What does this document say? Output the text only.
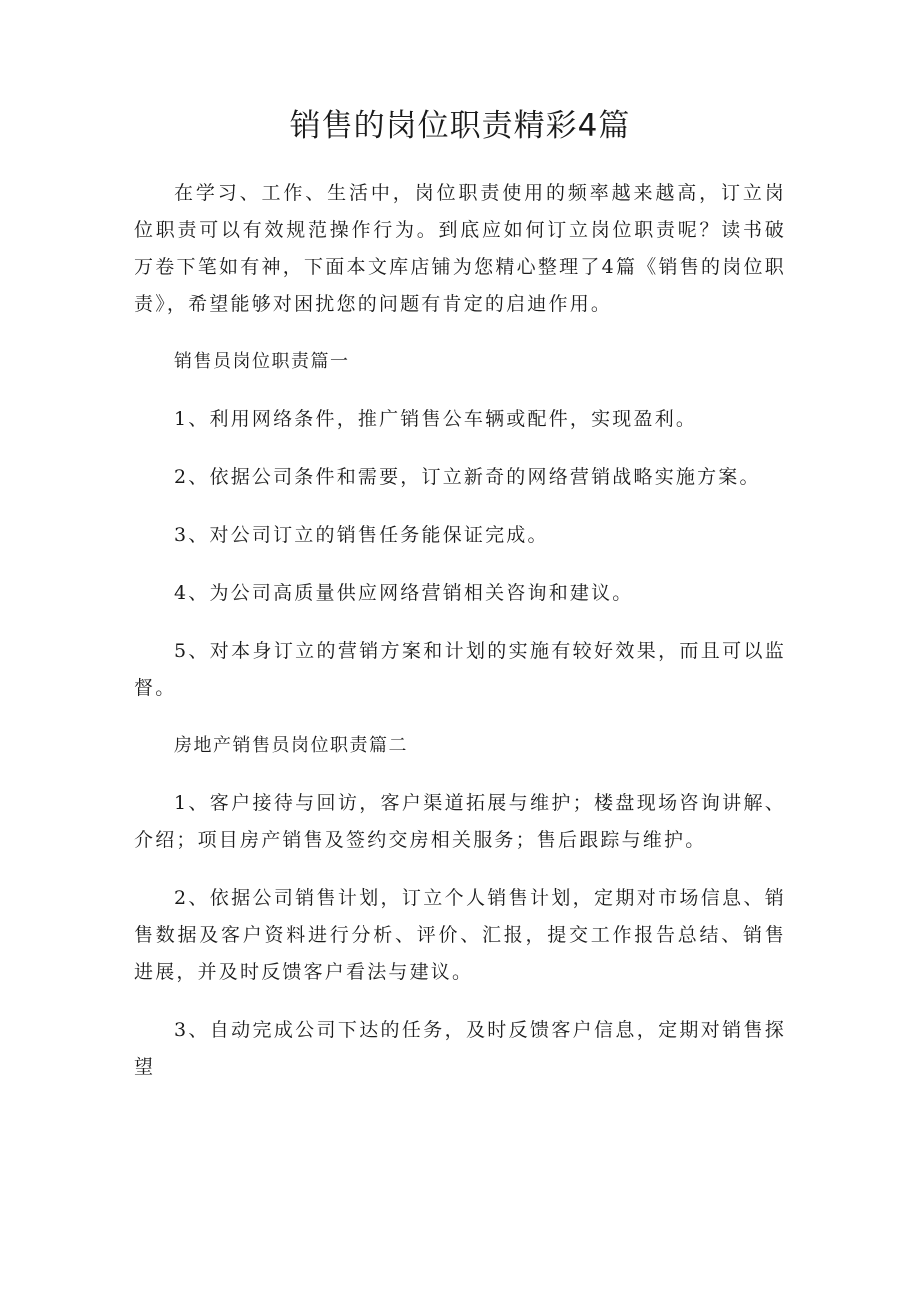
销售的岗位职责精彩4篇

在学习、工作、生活中，岗位职责使用的频率越来越高，订立岗位职责可以有效规范操作行为。到底应如何订立岗位职责呢？读书破万卷下笔如有神，下面本文库店铺为您精心整理了4篇《销售的岗位职责》，希望能够对困扰您的问题有肯定的启迪作用。

销售员岗位职责篇一

1、利用网络条件，推广销售公车辆或配件，实现盈利。

2、依据公司条件和需要，订立新奇的网络营销战略实施方案。

3、对公司订立的销售任务能保证完成。

4、为公司高质量供应网络营销相关咨询和建议。

5、对本身订立的营销方案和计划的实施有较好效果，而且可以监督。

房地产销售员岗位职责篇二

1、客户接待与回访，客户渠道拓展与维护；楼盘现场咨询讲解、介绍；项目房产销售及签约交房相关服务；售后跟踪与维护。

2、依据公司销售计划，订立个人销售计划，定期对市场信息、销售数据及客户资料进行分析、评价、汇报，提交工作报告总结、销售进展，并及时反馈客户看法与建议。

3、自动完成公司下达的任务，及时反馈客户信息，定期对销售探望
